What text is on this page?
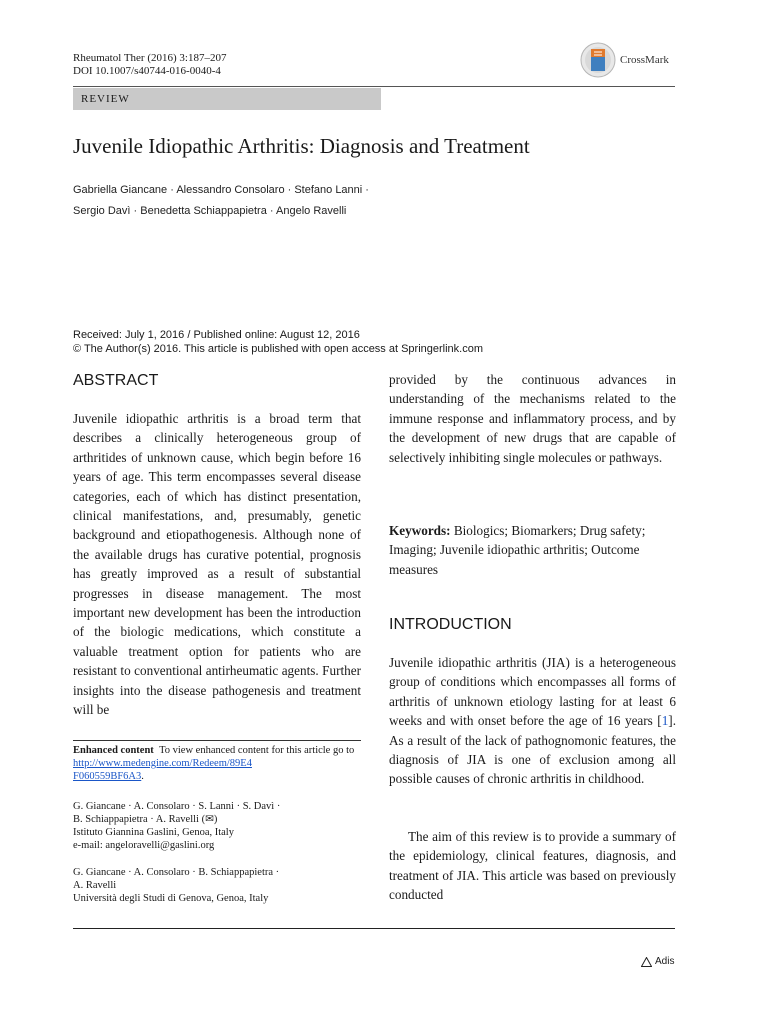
Rheumatol Ther (2016) 3:187–207
DOI 10.1007/s40744-016-0040-4
CrossMark
REVIEW
Juvenile Idiopathic Arthritis: Diagnosis and Treatment
Gabriella Giancane · Alessandro Consolaro · Stefano Lanni ·
Sergio Davì · Benedetta Schiappapietra · Angelo Ravelli
Received: July 1, 2016 / Published online: August 12, 2016
© The Author(s) 2016. This article is published with open access at Springerlink.com
ABSTRACT

Juvenile idiopathic arthritis is a broad term that describes a clinically heterogeneous group of arthritides of unknown cause, which begin before 16 years of age. This term encompasses several disease categories, each of which has distinct presentation, clinical manifestations, and, presumably, genetic background and etiopathogenesis. Although none of the available drugs has curative potential, prognosis has greatly improved as a result of substantial progresses in disease management. The most important new development has been the introduction of the biologic medications, which constitute a valuable treatment option for patients who are resistant to conventional antirheumatic agents. Further insights into the disease pathogenesis and treatment will be

Enhanced content To view enhanced content for this article go to http://www.medengine.com/Redeem/89E4
F060559BF6A3.
G. Giancane · A. Consolaro · S. Lanni · S. Davì ·
B. Schiappapietra · A. Ravelli (✉)
Istituto Giannina Gaslini, Genoa, Italy
e-mail: angeloravelli@gaslini.org
G. Giancane · A. Consolaro · B. Schiappapietra ·
A. Ravelli
Università degli Studi di Genova, Genoa, Italy

provided by the continuous advances in understanding of the mechanisms related to the immune response and inflammatory process, and by the development of new drugs that are capable of selectively inhibiting single molecules or pathways.

Keywords: Biologics; Biomarkers; Drug safety; Imaging; Juvenile idiopathic arthritis; Outcome measures

INTRODUCTION

Juvenile idiopathic arthritis (JIA) is a heterogeneous group of conditions which encompasses all forms of arthritis of unknown etiology lasting for at least 6 weeks and with onset before the age of 16 years [1]. As a result of the lack of pathognomonic features, the diagnosis of JIA is one of exclusion among all possible causes of chronic arthritis in childhood.

The aim of this review is to provide a summary of the epidemiology, clinical features, diagnosis, and treatment of JIA. This article was based on previously conducted

Adis
